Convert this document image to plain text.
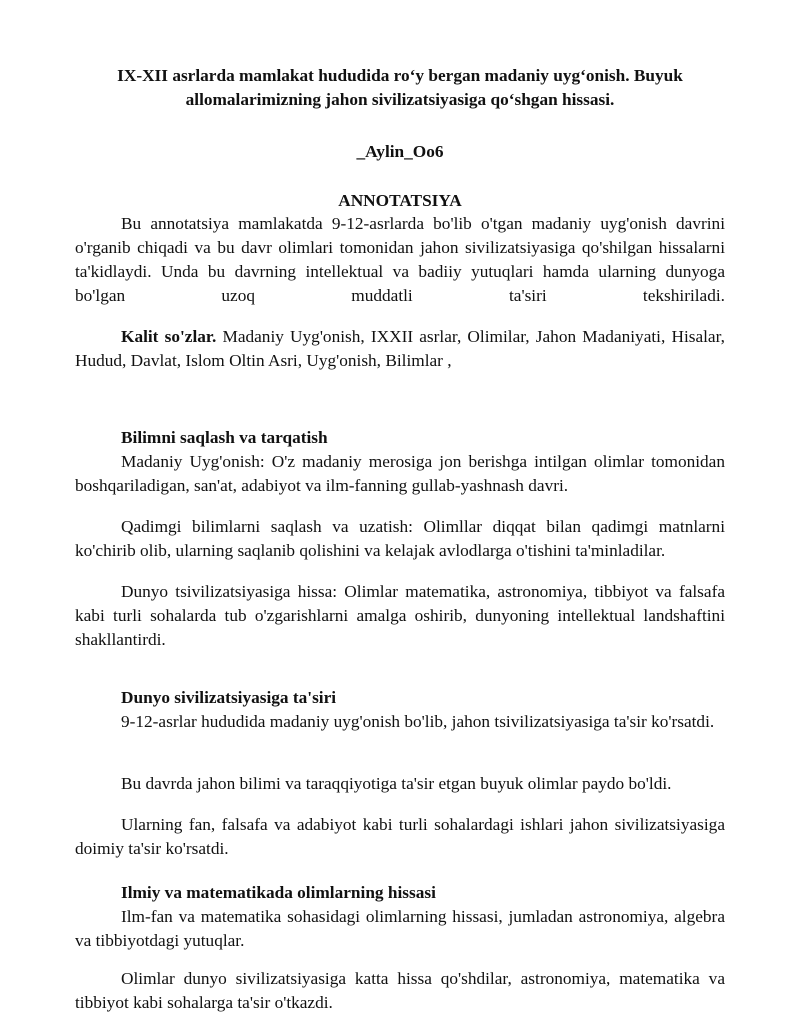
IX-XII asrlarda mamlakat hududida ro‘y bergan madaniy uyg‘onish. Buyuk
allomalarimizning jahon sivilizatsiyasiga qo‘shgan hissasi.
_Aylin_Oo6
ANNOTATSIYA

Bu annotatsiya mamlakatda 9-12-asrlarda bo'lib o'tgan madaniy uyg'onish davrini o'rganib chiqadi va bu davr olimlari tomonidan jahon sivilizatsiyasiga qo'shilgan hissalarni ta'kidlaydi. Unda bu davrning intellektual va badiiy yutuqlari hamda ularning dunyoga bo'lgan uzoq muddatli ta'siri tekshiriladi.

Kalit so'zlar. Madaniy Uyg'onish, IXXII asrlar, Olimilar, Jahon Madaniyati, Hisalar, Hudud, Davlat, Islom Oltin Asri, Uyg'onish, Bilimlar ,

Bilimni saqlash va tarqatish

Madaniy Uyg'onish: O'z madaniy merosiga jon berishga intilgan olimlar tomonidan boshqariladigan, san'at, adabiyot va ilm-fanning gullab-yashnash davri.

Qadimgi bilimlarni saqlash va uzatish: Olimllar diqqat bilan qadimgi matnlarni ko'chirib olib, ularning saqlanib qolishini va kelajak avlodlarga o'tishini ta'minladilar.

Dunyo tsivilizatsiyasiga hissa: Olimlar matematika, astronomiya, tibbiyot va falsafa kabi turli sohalarda tub o'zgarishlarni amalga oshirib, dunyoning intellektual landshaftini shakllantirdi.

Dunyo sivilizatsiyasiga ta'siri

9-12-asrlar hududida madaniy uyg'onish bo'lib, jahon tsivilizatsiyasiga ta'sir ko'rsatdi.

Bu davrda jahon bilimi va taraqqiyotiga ta'sir etgan buyuk olimlar paydo bo'ldi.

Ularning fan, falsafa va adabiyot kabi turli sohalardagi ishlari jahon sivilizatsiyasiga doimiy ta'sir ko'rsatdi.

Ilmiy va matematikada olimlarning hissasi

Ilm-fan va matematika sohasidagi olimlarning hissasi, jumladan astronomiya, algebra va tibbiyotdagi yutuqlar.

Olimlar dunyo sivilizatsiyasiga katta hissa qo'shdilar, astronomiya, matematika va tibbiyot kabi sohalarga ta'sir o'tkazdi.
